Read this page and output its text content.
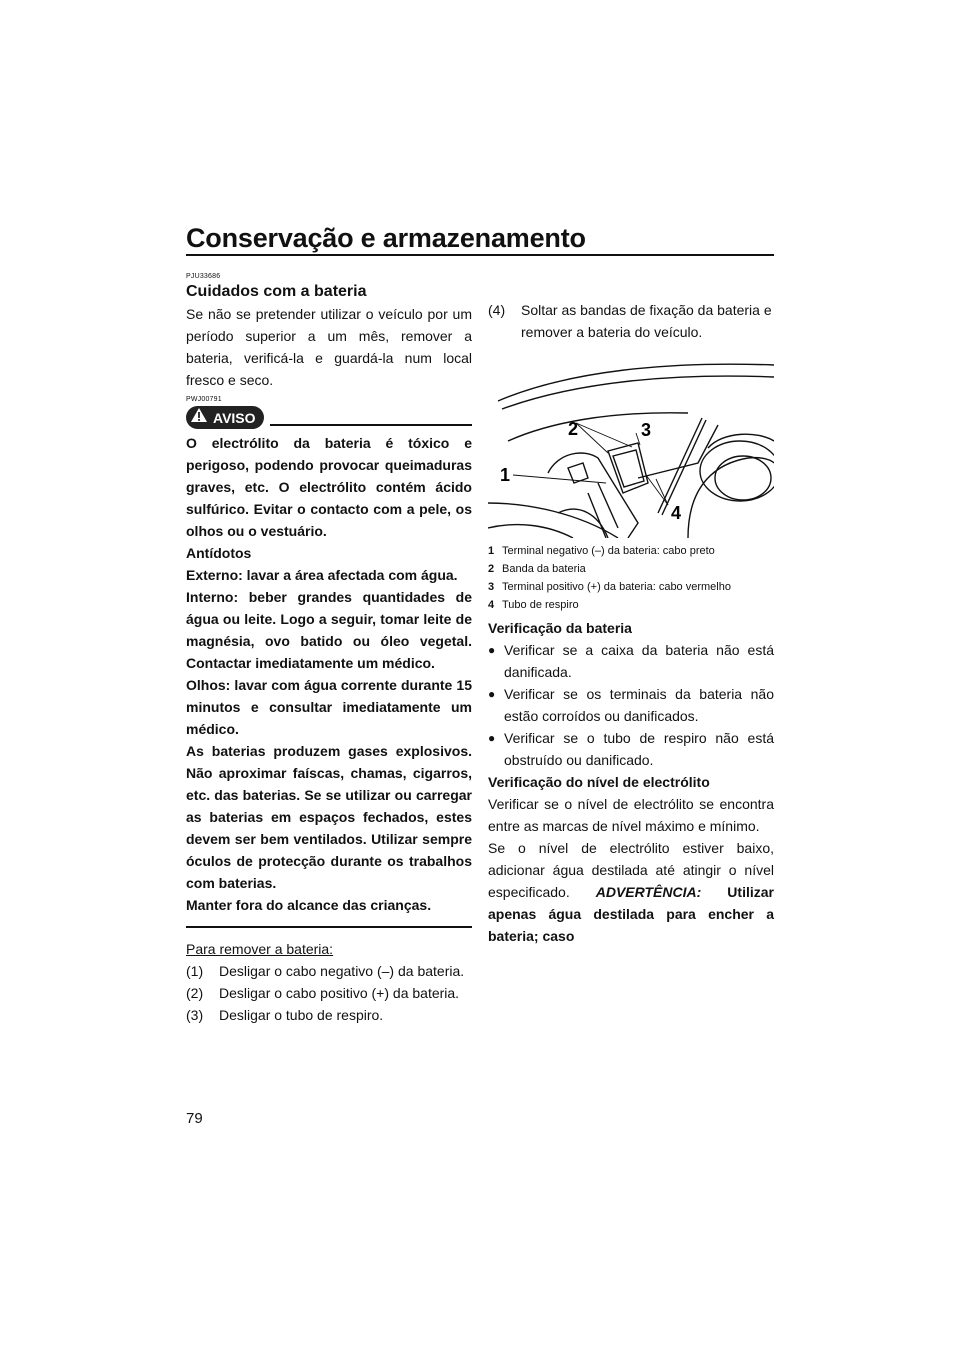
Conservação e armazenamento
PJU33686
Cuidados com a bateria

Se não se pretender utilizar o veículo por um período superior a um mês, remover a bateria, verificá-la e guardá-la num local fresco e seco.

PWJ00791
AVISO

O electrólito da bateria é tóxico e perigoso, podendo provocar queimaduras graves, etc. O electrólito contém ácido sulfúrico. Evitar o contacto com a pele, os olhos ou o vestuário.

Antídotos

Externo: lavar a área afectada com água.

Interno: beber grandes quantidades de água ou leite. Logo a seguir, tomar leite de magnésia, ovo batido ou óleo vegetal. Contactar imediatamente um médico.

Olhos: lavar com água corrente durante 15 minutos e consultar imediatamente um médico.

As baterias produzem gases explosivos. Não aproximar faíscas, chamas, cigarros, etc. das baterias. Se se utilizar ou carregar as baterias em espaços fechados, estes devem ser bem ventilados. Utilizar sempre óculos de protecção durante os trabalhos com baterias.

Manter fora do alcance das crianças.

Para remover a bateria:
(1)	Desligar o cabo negativo (–) da bateria.
(2)	Desligar o cabo positivo (+) da bateria.
(3)	Desligar o tubo de respiro.
(4)	Soltar as bandas de fixação da bateria e remover a bateria do veículo.
1
2	3
4
1 Terminal negativo (–) da bateria: cabo preto
2 Banda da bateria
3 Terminal positivo (+) da bateria: cabo vermelho
4 Tubo de respiro
Verificação da bateria
● Verificar se a caixa da bateria não está danificada.
● Verificar se os terminais da bateria não estão corroídos ou danificados.
● Verificar se o tubo de respiro não está obstruído ou danificado.
Verificação do nível de electrólito

Verificar se o nível de electrólito se encontra entre as marcas de nível máximo e mínimo.

Se o nível de electrólito estiver baixo, adicionar água destilada até atingir o nível especificado. ADVERTÊNCIA: Utilizar apenas água destilada para encher a bateria; caso

79
